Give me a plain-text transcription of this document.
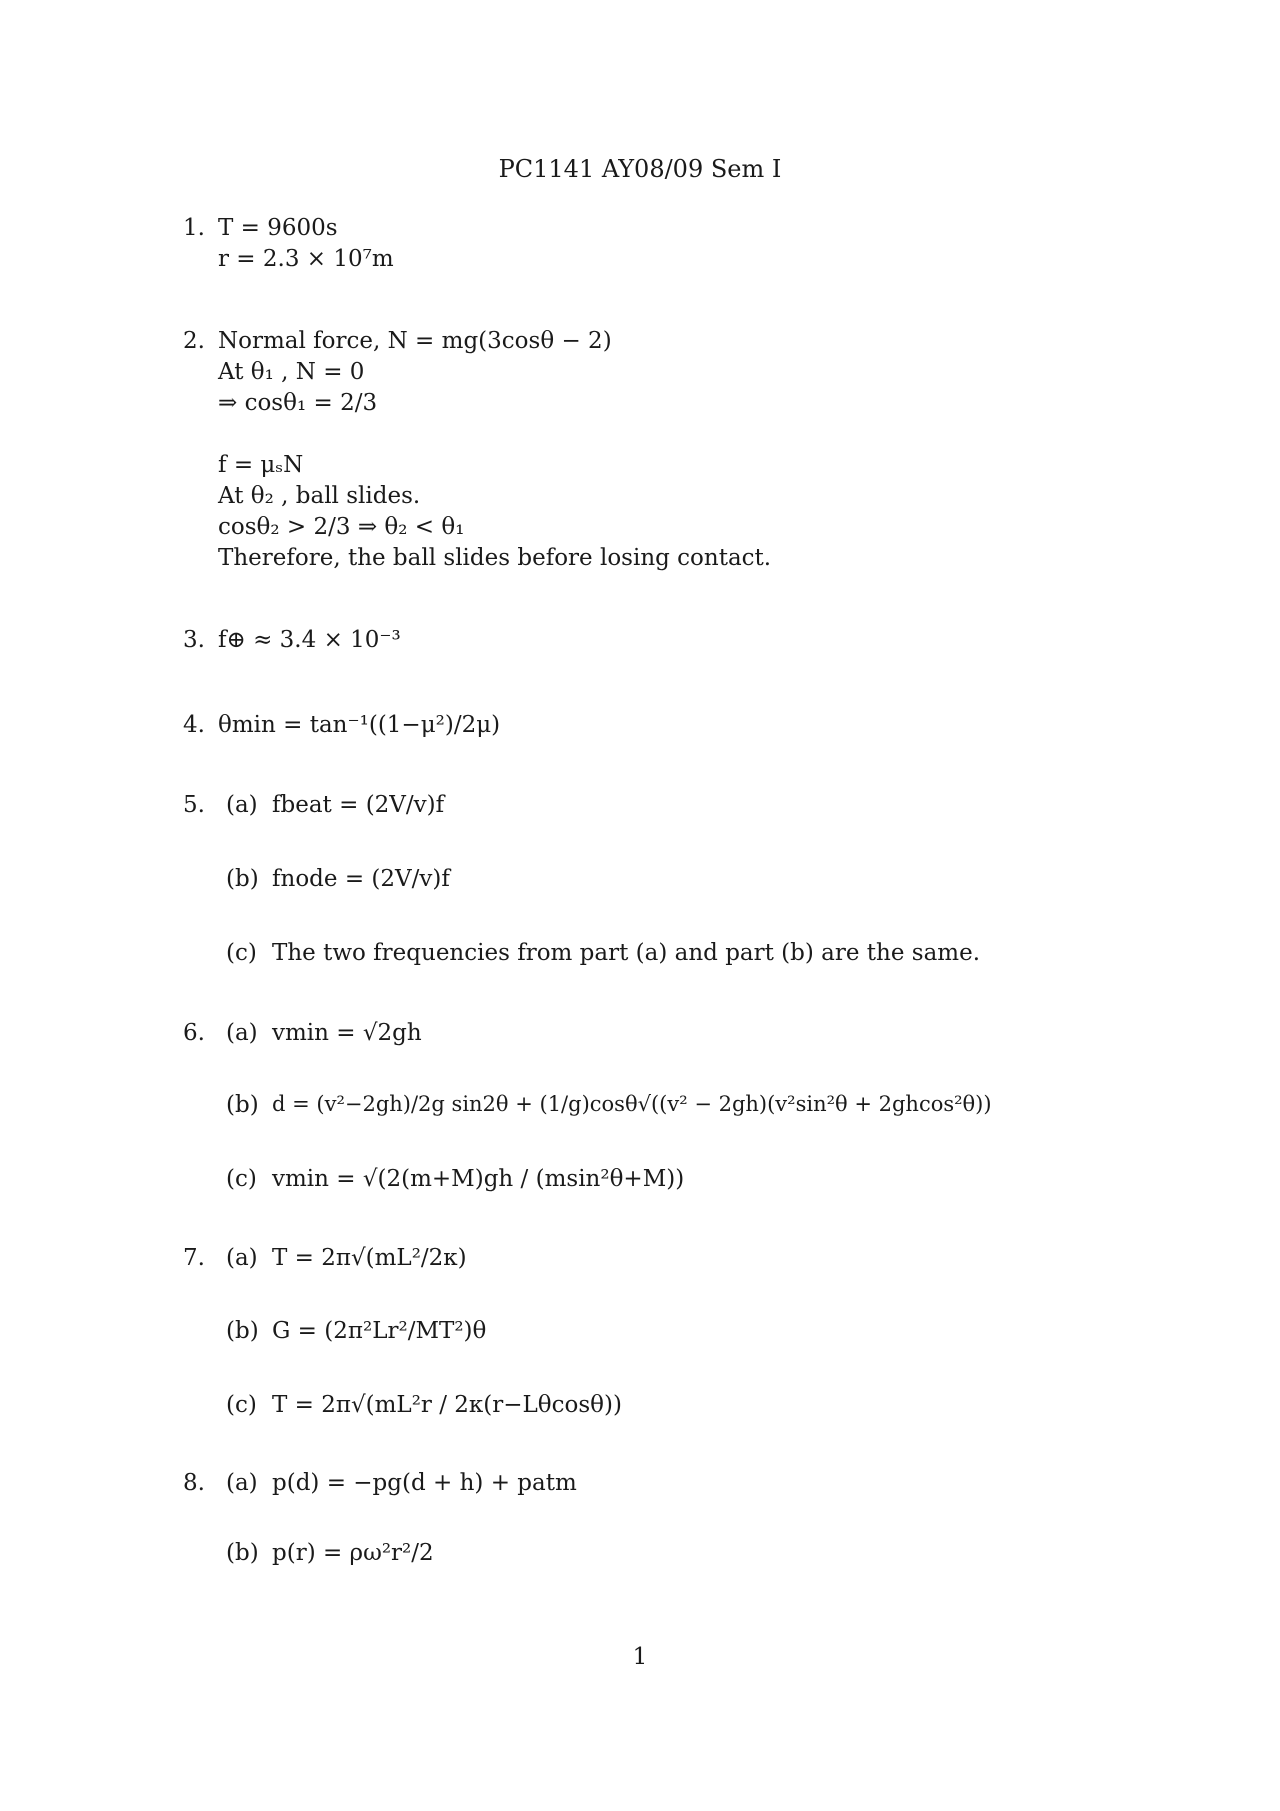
PC1141 AY08/09 Sem I
1. T = 9600s
r = 2.3 × 10⁷m
2. Normal force, N = mg(3cosθ − 2)
At θ₁ , N = 0
⇒ cosθ₁ = 2/3
f = μₛN
At θ₂ , ball slides.
cosθ₂ > 2/3 ⇒ θ₂ < θ₁
Therefore, the ball slides before losing contact.
3. f⊕ ≈ 3.4 × 10⁻³
4. θmin = tan⁻¹((1−μ²)/2μ)
5. (a) fbeat = (2V/v)f
(b) fnode = (2V/v)f
(c) The two frequencies from part (a) and part (b) are the same.
6. (a) vmin = √2gh
(b) d = (v²−2gh)/2g sin2θ + (1/g)cosθ√((v² − 2gh)(v²sin²θ + 2ghcos²θ))
(c) vmin = √(2(m+M)gh / (msin²θ+M))
7. (a) T = 2π√(mL²/2κ)
(b) G = (2π²Lr²/MT²)θ
(c) T = 2π√(mL²r / 2κ(r−Lθcosθ))
8. (a) p(d) = −pg(d + h) + patm
(b) p(r) = ρω²r²/2
1
